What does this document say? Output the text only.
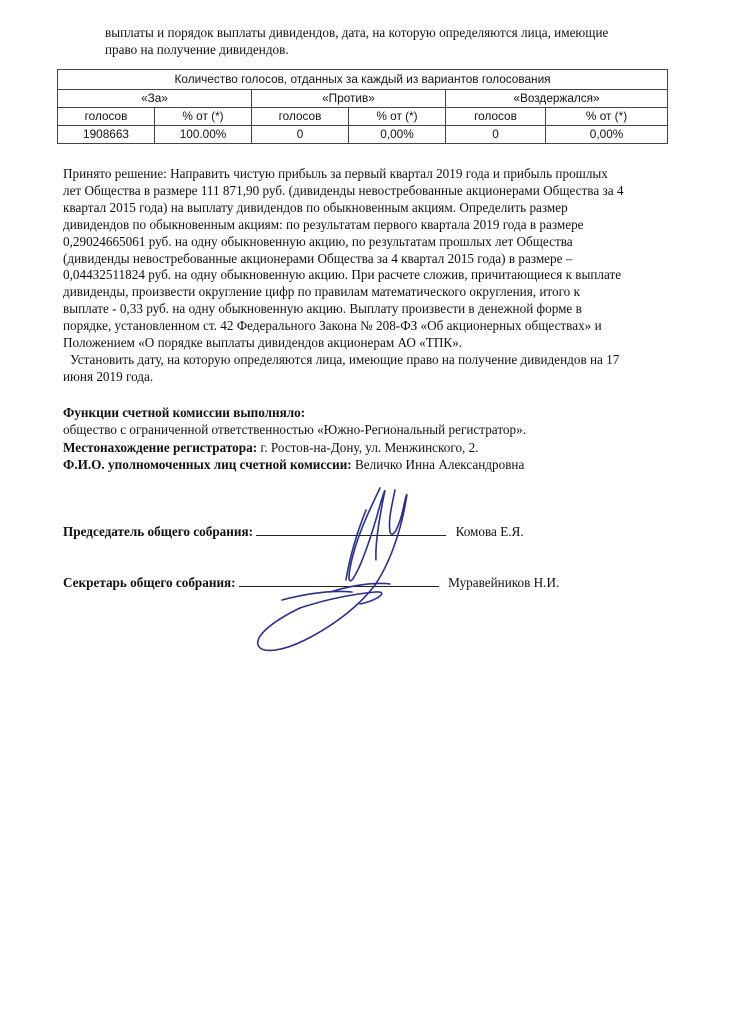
выплаты и порядок выплаты дивидендов, дата, на которую определяются лица, имеющие
право на получение дивидендов.
Количество голосов, отданных за каждый из вариантов голосования					
«За»		«Против»		«Воздержался»	
голосов	% от (*)	голосов	% от (*)	голосов	% от (*)
1908663	100.00%	0	0,00%	0	0,00%
Принято решение: Направить чистую прибыль за первый квартал 2019 года и прибыль прошлых
лет Общества в размере 111 871,90 руб. (дивиденды невостребованные акционерами Общества за 4
квартал 2015 года) на выплату дивидендов по обыкновенным акциям. Определить размер
дивидендов по обыкновенным акциям: по результатам первого квартала 2019 года в размере
0,29024665061 руб. на одну обыкновенную акцию, по результатам прошлых лет Общества
(дивиденды невостребованные акционерами Общества за 4 квартал 2015 года) в размере –
0,04432511824 руб. на одну обыкновенную акцию. При расчете сложив, причитающиеся к выплате
дивиденды, произвести округление цифр по правилам математического округления, итого к
выплате - 0,33 руб. на одну обыкновенную акцию. Выплату произвести в денежной форме в
порядке, установленном ст. 42 Федерального Закона № 208-ФЗ «Об акционерных обществах» и
Положением «О порядке выплаты дивидендов акционерам АО «ТПК».
Установить дату, на которую определяются лица, имеющие право на получение дивидендов на 17
июня 2019 года.
Функции счетной комиссии выполняло:
общество с ограниченной ответственностью «Южно-Региональный регистратор».
Местонахождение регистратора: г. Ростов-на-Дону, ул. Менжинского, 2.
Ф.И.О. уполномоченных лиц счетной комиссии: Величко Инна Александровна
Председатель общего собрания:	Комова Е.Я.
Секретарь общего собрания:	Муравейников Н.И.
